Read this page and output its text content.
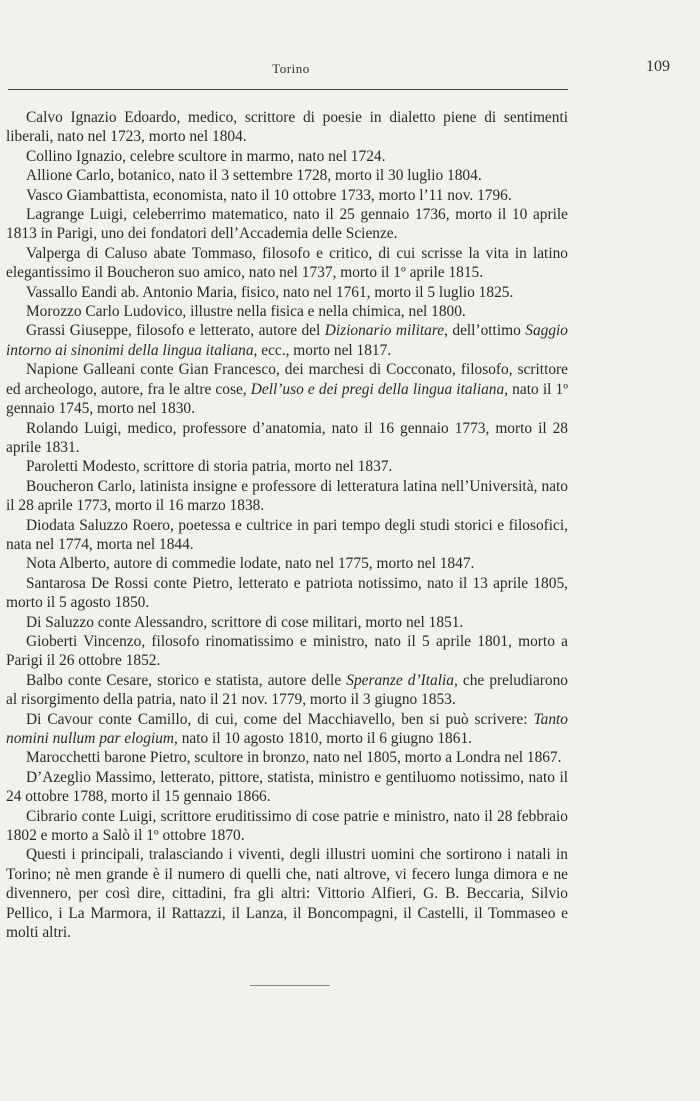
Torino	109

Calvo Ignazio Edoardo, medico, scrittore di poesie in dialetto piene di sentimenti liberali, nato nel 1723, morto nel 1804.

Collino Ignazio, celebre scultore in marmo, nato nel 1724.

Allione Carlo, botanico, nato il 3 settembre 1728, morto il 30 luglio 1804.

Vasco Giambattista, economista, nato il 10 ottobre 1733, morto l’11 nov. 1796.

Lagrange Luigi, celeberrimo matematico, nato il 25 gennaio 1736, morto il 10 aprile 1813 in Parigi, uno dei fondatori dell’Accademia delle Scienze.

Valperga di Caluso abate Tommaso, filosofo e critico, di cui scrisse la vita in latino elegantissimo il Boucheron suo amico, nato nel 1737, morto il 1º aprile 1815.

Vassallo Eandi ab. Antonio Maria, fisico, nato nel 1761, morto il 5 luglio 1825.

Morozzo Carlo Ludovico, illustre nella fisica e nella chimica, nel 1800.

Grassi Giuseppe, filosofo e letterato, autore del Dizionario militare, dell’ottimo Saggio intorno ai sinonimi della lingua italiana, ecc., morto nel 1817.

Napione Galleani conte Gian Francesco, dei marchesi di Cocconato, filosofo, scrittore ed archeologo, autore, fra le altre cose, Dell’uso e dei pregi della lingua italiana, nato il 1º gennaio 1745, morto nel 1830.

Rolando Luigi, medico, professore d’anatomia, nato il 16 gennaio 1773, morto il 28 aprile 1831.

Paroletti Modesto, scrittore di storia patria, morto nel 1837.

Boucheron Carlo, latinista insigne e professore di letteratura latina nell’Università, nato il 28 aprile 1773, morto il 16 marzo 1838.

Diodata Saluzzo Roero, poetessa e cultrice in pari tempo degli studi storici e filosofici, nata nel 1774, morta nel 1844.

Nota Alberto, autore di commedie lodate, nato nel 1775, morto nel 1847.

Santarosa De Rossi conte Pietro, letterato e patriota notissimo, nato il 13 aprile 1805, morto il 5 agosto 1850.

Di Saluzzo conte Alessandro, scrittore di cose militari, morto nel 1851.

Gioberti Vincenzo, filosofo rinomatissimo e ministro, nato il 5 aprile 1801, morto a Parigi il 26 ottobre 1852.

Balbo conte Cesare, storico e statista, autore delle Speranze d’Italia, che preludiarono al risorgimento della patria, nato il 21 nov. 1779, morto il 3 giugno 1853.

Di Cavour conte Camillo, di cui, come del Macchiavello, ben si può scrivere: Tanto nomini nullum par elogium, nato il 10 agosto 1810, morto il 6 giugno 1861.

Marocchetti barone Pietro, scultore in bronzo, nato nel 1805, morto a Londra nel 1867.

D’Azeglio Massimo, letterato, pittore, statista, ministro e gentiluomo notissimo, nato il 24 ottobre 1788, morto il 15 gennaio 1866.

Cibrario conte Luigi, scrittore eruditissimo di cose patrie e ministro, nato il 28 febbraio 1802 e morto a Salò il 1º ottobre 1870.

Questi i principali, tralasciando i viventi, degli illustri uomini che sortirono i natali in Torino; nè men grande è il numero di quelli che, nati altrove, vi fecero lunga dimora e ne divennero, per così dire, cittadini, fra gli altri: Vittorio Alfieri, G. B. Beccaria, Silvio Pellico, i La Marmora, il Rattazzi, il Lanza, il Boncompagni, il Castelli, il Tommaseo e molti altri.
